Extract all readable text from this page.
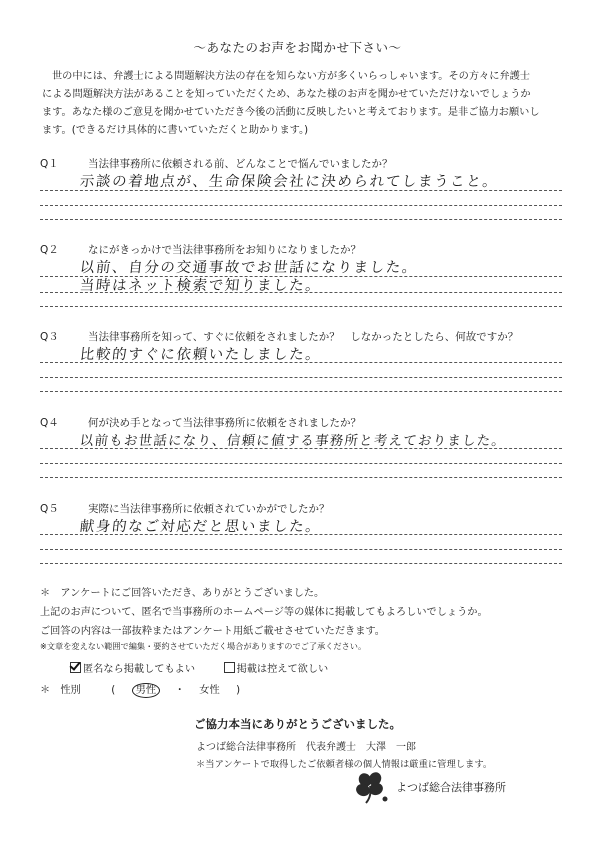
～あなたのお声をお聞かせ下さい～
世の中には、弁護士による問題解決方法の存在を知らない方が多くいらっしゃいます。その方々に弁護士
による問題解決方法があることを知っていただくため、あなた様のお声を聞かせていただけないでしょうか
ます。あなた様のご意見を聞かせていただき今後の活動に反映したいと考えております。是非ご協力お願いし
ます。(できるだけ具体的に書いていただくと助かります。)
Q１	当法律事務所に依頼される前、どんなことで悩んでいましたか？
示談の着地点が、生命保険会社に決められてしまうこと。
Q２	なにがきっかけで当法律事務所をお知りになりましたか？
以前、自分の交通事故でお世話になりました。
当時はネット検索で知りました。
Q３	当法律事務所を知って、すぐに依頼をされましたか？　しなかったとしたら、何故ですか？
比較的すぐに依頼いたしました。
Q４	何が決め手となって当法律事務所に依頼をされましたか？
以前もお世話になり、信頼に値する事務所と考えておりました。
Q５	実際に当法律事務所に依頼されていかがでしたか？
献身的なご対応だと思いました。
＊　アンケートにご回答いただき、ありがとうございました。
上記のお声について、匿名で当事務所のホームページ等の媒体に掲載してもよろしいでしょうか。
ご回答の内容は一部抜粋またはアンケート用紙ご載せさせていただきます。
※文章を変えない範囲で編集・要約させていただく場合がありますのでご了承ください。
匿名なら掲載してもよい	掲載は控えて欲しい
＊　性別	( 男性 ・ 女性 )
ご協力本当にありがとうございました。
よつば総合法律事務所　代表弁護士　大澤　一郎
＊当アンケートで取得したご依頼者様の個人情報は厳重に管理します。
よつば総合法律事務所
